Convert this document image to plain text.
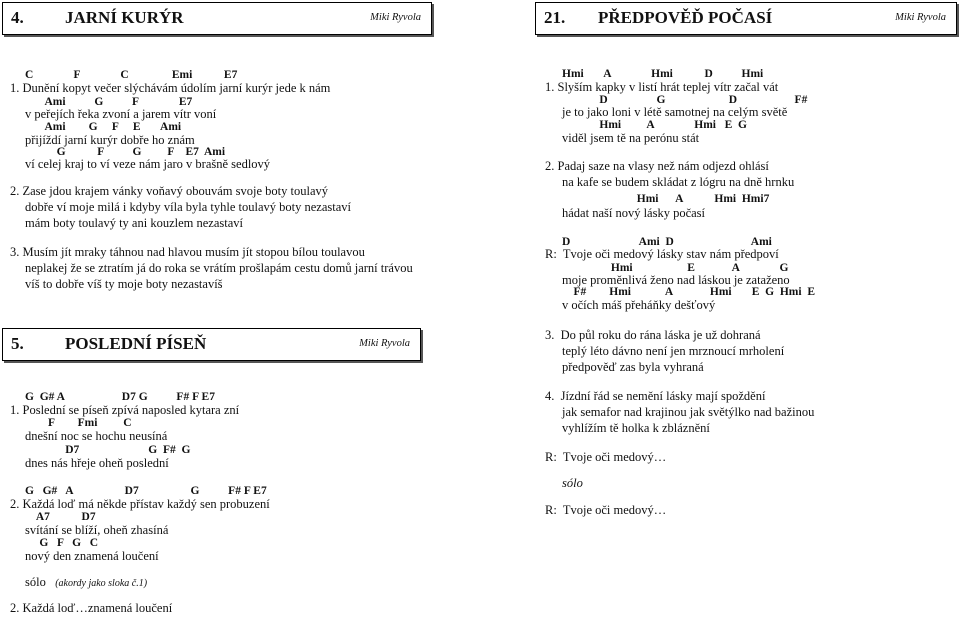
4. JARNÍ KURÝR	Miki Ryvola
C              F              C               Emi           E7
1. Dunění kopyt večer slýchávám údolím jarní kurýr jede k nám
Ami          G          F              E7
v peřejích řeka zvoní a jarem vítr voní
Ami        G     F     E       Ami
přijíždí jarní kurýr dobře ho znám
G           F          G         F    E7  Ami
ví celej kraj to ví veze nám jaro v brašně sedlový
2. Zase jdou krajem vánky voňavý obouvám svoje boty toulavý
dobře ví moje milá i kdyby víla byla tyhle toulavý boty nezastaví
mám boty toulavý ty ani kouzlem nezastaví
3. Musím jít mraky táhnou nad hlavou musím jít stopou bílou toulavou
neplakej že se ztratím já do roka se vrátím prošlapám cestu domů jarní trávou
víš to dobře víš ty moje boty nezastavíš
5. POSLEDNÍ PÍSEŇ	Miki Ryvola
G  G# A                    D7 G          F# F E7
1. Poslední se píseň zpívá naposled kytara zní
F        Fmi         C
dnešní noc se hochu neusíná
D7                        G  F#  G
dnes nás hřeje oheň poslední
G   G#   A                  D7                  G          F# F E7
2. Každá loď má někde přístav každý sen probuzení
A7           D7
svítání se blíží, oheň zhasíná
G   F   G   C
nový den znamená loučení
sólo (akordy jako sloka č.1)
2. Každá loď…znamená loučení
21. PŘEDPOVĚĎ POČASÍ	Miki Ryvola
Hmi       A              Hmi           D          Hmi
1. Slyším kapky v listí hrát teplej vítr začal vát
D                 G                      D                    F#
je to jako loni v létě samotnej na celým světě
Hmi         A              Hmi   E  G
viděl jsem tě na perónu stát
2. Padaj saze na vlasy než nám odjezd ohlásí
na kafe se budem skládat z lógru na dně hrnku
Hmi      A           Hmi  Hmi7
hádat naší nový lásky počasí
D                        Ami  D                           Ami
R:  Tvoje oči medový lásky stav nám předpoví
Hmi                   E             A              G
moje proměnlivá ženo nad láskou je zataženo
F#        Hmi            A             Hmi       E  G  Hmi  E
v očích máš přeháňky dešťový
3.  Do půl roku do rána láska je už dohraná
teplý léto dávno není jen mrznoucí mrholení
předpověď zas byla vyhraná
4.  Jízdní řád se nemění lásky mají spoždění
jak semafor nad krajinou jak světýlko nad bažinou
vyhlížím tě holka k zbláznění
R:  Tvoje oči medový…
sólo
R:  Tvoje oči medový…
